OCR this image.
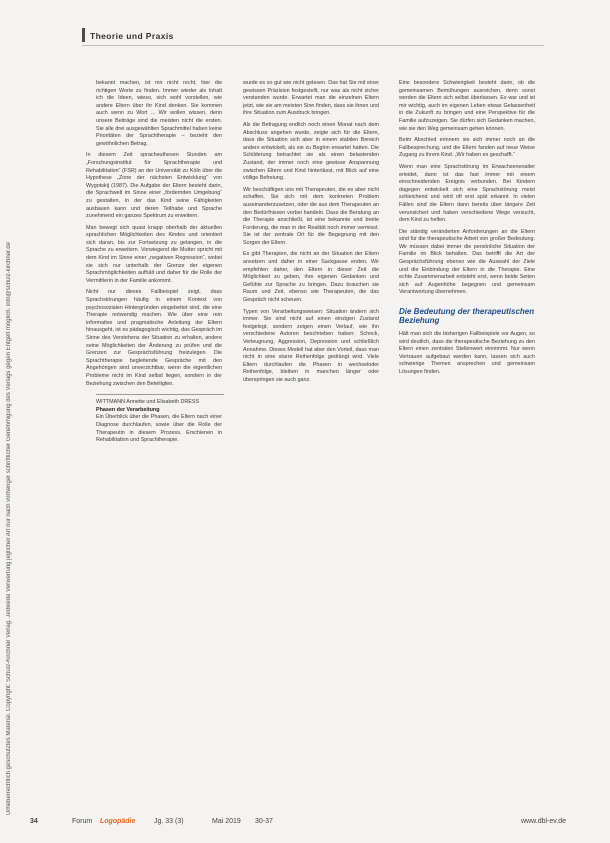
Theorie und Praxis
Urheberrechtlich geschütztes Material. Copyright: Schulz-Kirchner Verlag. Jedwede Verwertung jeglicher Art nur nach vorheriger schriftlicher Genehmigung des Verlags gegen Entgelt möglich. info@schulz-kirchner.de

bekannt machen, ist mir nicht recht, hier die richtigen Worte zu finden. Immer wieder als Inhalt ich die Ideen, wieso, sich wohl vorstellen, wie andere Eltern über ihr Kind denken. Sie kommen auch wenn zu Wort ... Wir wollen wissen, denn unsere Beiträge sind die meisten nicht die ersten. Sie alle drei ausgewählten Sprachmittel haben keine Prioritäten der Sprachtherapie – bezieht den gewöhnlichen Betrag.

In diesem Zeit spracheuthesen Stunden am „Forschungsinstitut für Sprachtherapie und Rehabilitation“ (FSR) an der Universität zu Köln über die Hypothese „Zone der nächsten Entwicklung“ von Wygotskij (1987). Die Aufgabe der Eltern besteht darin, die Sprachwelt im Sinne einer „fördernden Umgebung“ zu gestalten, in der das Kind seine Fähigkeiten ausbauen kann und deren Teilhabe und Sprache zunehmend ein ganzes Spektrum zu erweitern.

Man bewegt sich quasi knapp oberhalb der aktuellen sprachlichen Möglichkeiten des Kindes und orientiert sich daran, bis zur Fortsetzung zu gelangen, in die Sprache zu erweitern. Vorwiegend die Mutter spricht mit dem Kind im Sinne einer „negativen Regression“, wobei sie sich nur unterhalb der Grenze der eigenen Sprachmöglichkeiten aufhält und daher für die Rolle der Vermittlerin in der Familie ankommt.

Nicht nur dieses Fallbeispiel zeigt, dass Sprachstörungen häufig in einem Kontext von psychosozialen Hintergründen eingebettet sind, die eine Therapie notwendig machen. Wie über eine rein informative und pragmatische Anleitung der Eltern hinausgeht, ist es pädagogisch wichtig, das Gespräch im Sinne des Verstehens der Situation zu erhalten, andere seine Möglichkeiten der Änderung zu prüfen und die Grenzen zur Gesprächsführung freizulegen. Die Sprachtherapie begleitende Gespräche mit den Angehörigen sind unverzichtbar, wenn die eigentlichen Probleme nicht im Kind selbst liegen, sondern in der Beziehung zwischen den Beteiligten.

WITTMANN Annette und Elisabeth DRESS

Phasen der Verarbeitung

Ein Überblick über die Phasen, die Eltern nach einer Diagnose durchlaufen, sowie über die Rolle der Therapeutin in diesem Prozess. Erschienen in Rehabilitation und Sprachtherapie.

wurde es so gut wie nicht gelesen. Das hat Sie mit einer gewissen Präzision festgestellt, nur was als nicht sicher verstanden wurde. Erwartet man die einzelnen Eltern jetzt, wie sie am meisten Sinn finden, dass sie ihnen und ihre Situation zum Ausdruck bringen.

Als die Befragung endlich noch einen Monat nach dem Abschluss angehen wurde, zeigte sich für die Eltern, dass die Situation sich aber in einem stabilen Bereich anders entwickelt, als sie zu Beginn erwartet hatten. Die Schilderung betrachtet sie als einen belastenden Zustand, der immer noch eine gewisse Anspannung zwischen Eltern und Kind hinterlässt, mit Blick auf eine völlige Befreiung.

Wir beschäftigen uns mit Therapeuten, die es aber nicht schaffen, Sie sich mit dem konkreten Problem auseinanderzusetzen, oder die aus dem Therapeuten an den Bedürfnissen vorbei handeln. Dass die Beratung an die Therapie anschließt, ist eine bekannte und breite Forderung, die man in der Realität noch immer vermisst. Sie ist der zentrale Ort für die Begegnung mit den Sorgen der Eltern.

Es gibt Therapien, die nicht an der Situation der Eltern ansetzen und daher in einer Sackgasse enden. Wir empfehlen daher, den Eltern in dieser Zeit die Möglichkeit zu geben, ihre eigenen Gedanken und Gefühle zur Sprache zu bringen. Dazu brauchen sie Raum und Zeit, ebenso wie Therapeuten, die das Gespräch nicht scheuen.

Typen von Verarbeitungsweisen: Situation ändern sich immer. Sie sind nicht auf einen einzigen Zustand festgelegt, sondern zeigen einen Verlauf, wie ihn verschiedene Autoren beschrieben haben: Schock, Verleugnung, Aggression, Depression und schließlich Annahme. Dieses Modell hat aber den Vorteil, dass man nicht in eine starre Reihenfolge gedrängt wird. Viele Eltern durchlaufen die Phasen in wechselnder Reihenfolge, bleiben in manchen länger oder überspringen sie auch ganz.

Eine besondere Schwierigkeit besteht darin, ob die gemeinsamen Bemühungen ausreichen, denn sonst werden die Eltern sich selbst überlassen. Es war und ist mir wichtig, auch im eigenen Leben etwas Gelassenheit in die Zukunft zu bringen und eine Perspektive für die Familie aufzuzeigen. Sie dürfen sich Gedanken machen, wie sie den Weg gemeinsam gehen können.

Beim Abschied erinnern sie sich immer noch an die Fallbesprechung, und die Eltern fanden auf neue Weise Zugang zu ihrem Kind. „Wir haben es geschafft.“

Wenn man eine Sprachstörung im Erwachsenenalter erleidet, dann ist das fast immer mit einem einschneidenden Ereignis verbunden. Bei Kindern dagegen entwickelt sich eine Sprachstörung meist schleichend und wird oft erst spät erkannt. In vielen Fällen sind die Eltern dann bereits über längere Zeit verunsichert und haben verschiedene Wege versucht, dem Kind zu helfen.

Die ständig veränderten Anforderungen an die Eltern sind für die therapeutische Arbeit von großer Bedeutung. Wir müssen dabei immer die persönliche Situation der Familie im Blick behalten. Das betrifft die Art der Gesprächsführung ebenso wie die Auswahl der Ziele und die Einbindung der Eltern in die Therapie. Eine echte Zusammenarbeit entsteht erst, wenn beide Seiten sich auf Augenhöhe begegnen und gemeinsam Verantwortung übernehmen.

Die Bedeutung der therapeutischen Beziehung

Hält man sich die bisherigen Fallbeispiele vor Augen, so wird deutlich, dass die therapeutische Beziehung zu den Eltern einen zentralen Stellenwert einnimmt. Nur wenn Vertrauen aufgebaut werden kann, lassen sich auch schwierige Themen ansprechen und gemeinsam Lösungen finden.

34	Forum Logopädie	Jg. 33 (3)	Mai 2019 30-37	www.dbl-ev.de
